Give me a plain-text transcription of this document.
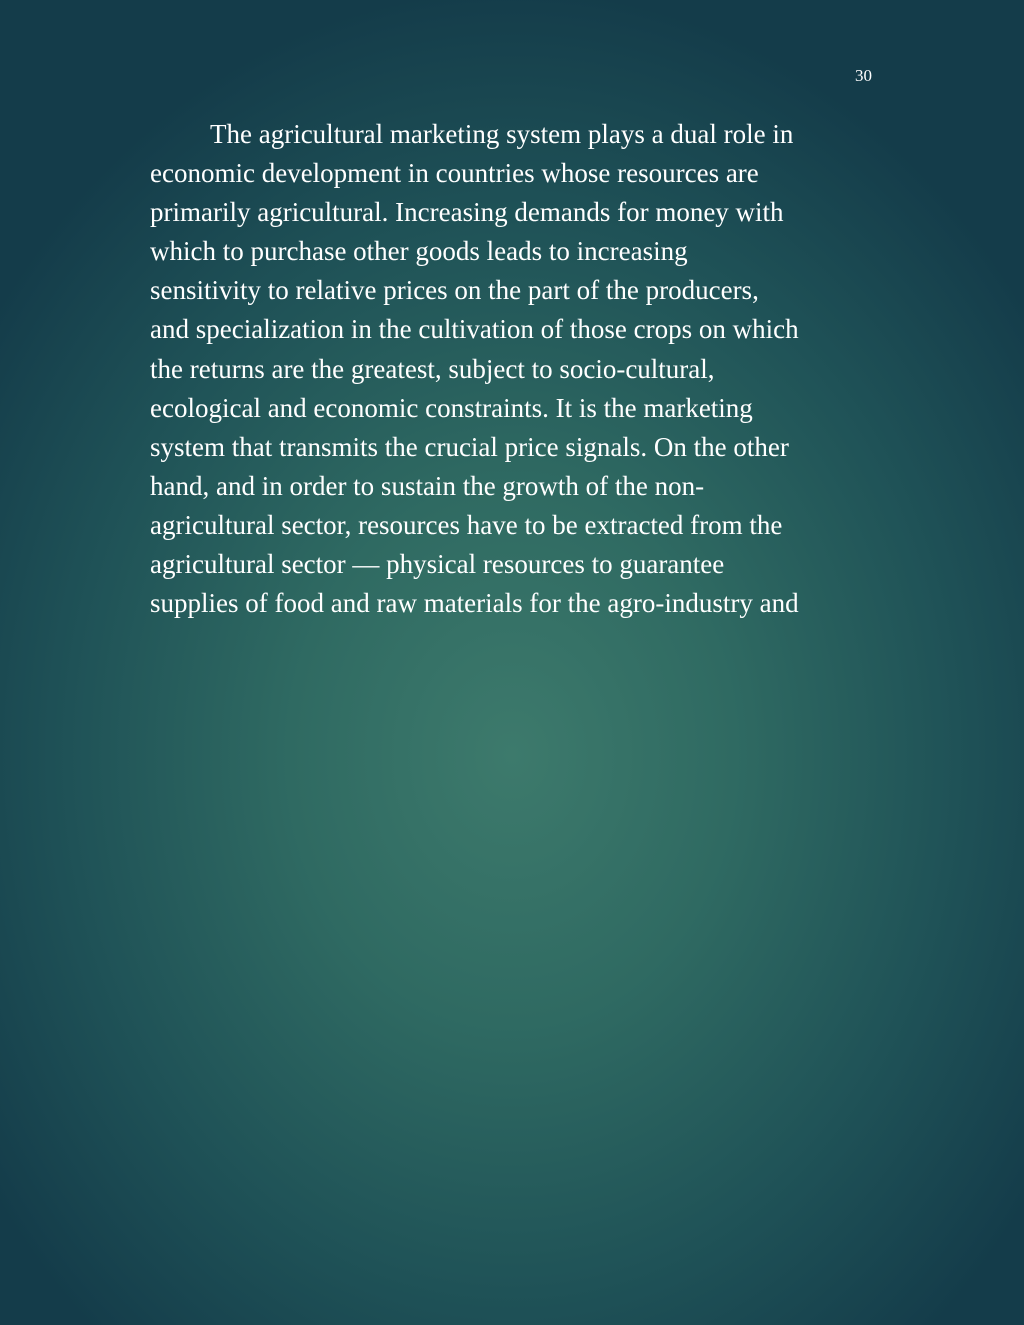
30
The agricultural marketing system plays a dual role in
economic development in countries whose resources are
primarily agricultural. Increasing demands for money with
which to purchase other goods leads to increasing
sensitivity to relative prices on the part of the producers,
and specialization in the cultivation of those crops on which
the returns are the greatest, subject to socio-cultural,
ecological and economic constraints. It is the marketing
system that transmits the crucial price signals. On the other
hand, and in order to sustain the growth of the non-
agricultural sector, resources have to be extracted from the
agricultural sector — physical resources to guarantee
supplies of food and raw materials for the agro-industry and
